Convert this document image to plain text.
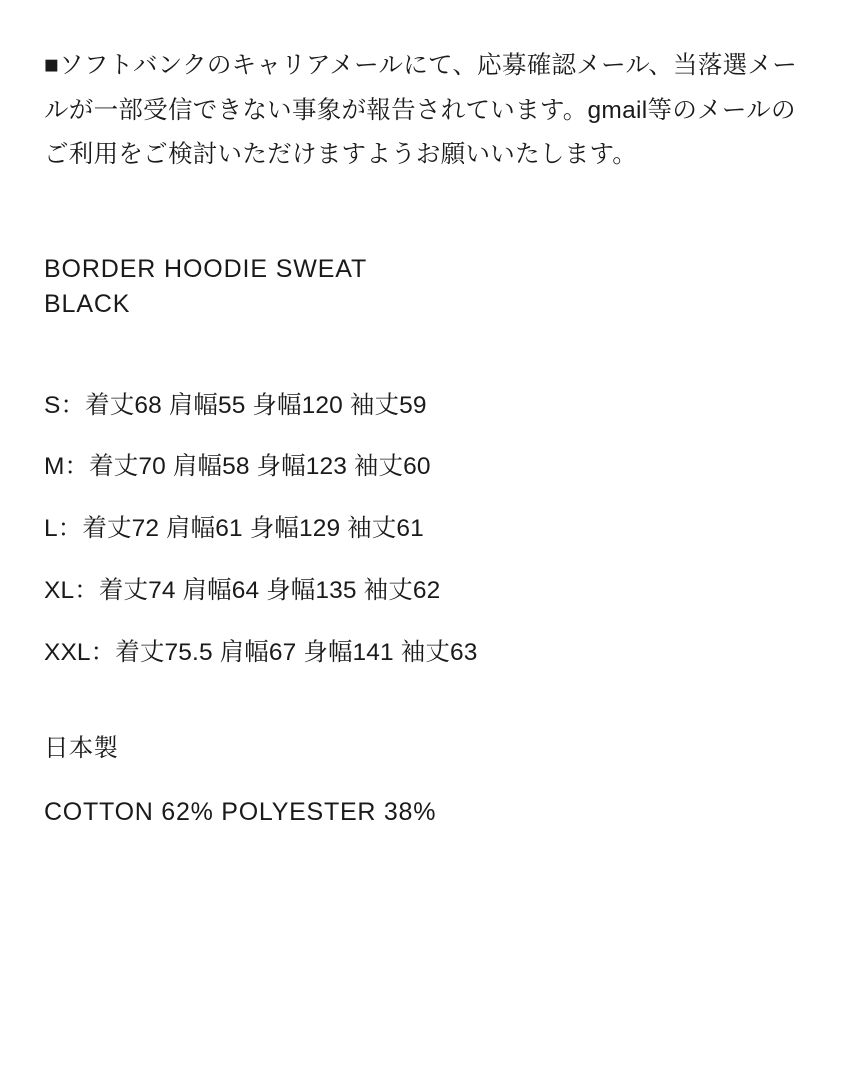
■ソフトバンクのキャリアメールにて、応募確認メール、当落選メールが一部受信できない事象が報告されています。gmail等のメールのご利用をご検討いただけますようお願いいたします。

BORDER HOODIE SWEAT

BLACK

S：着丈68 肩幅55 身幅120 袖丈59
M：着丈70 肩幅58 身幅123 袖丈60
L：着丈72 肩幅61 身幅129 袖丈61
XL：着丈74 肩幅64 身幅135 袖丈62
XXL：着丈75.5 肩幅67 身幅141 袖丈63

日本製

COTTON 62% POLYESTER 38%
